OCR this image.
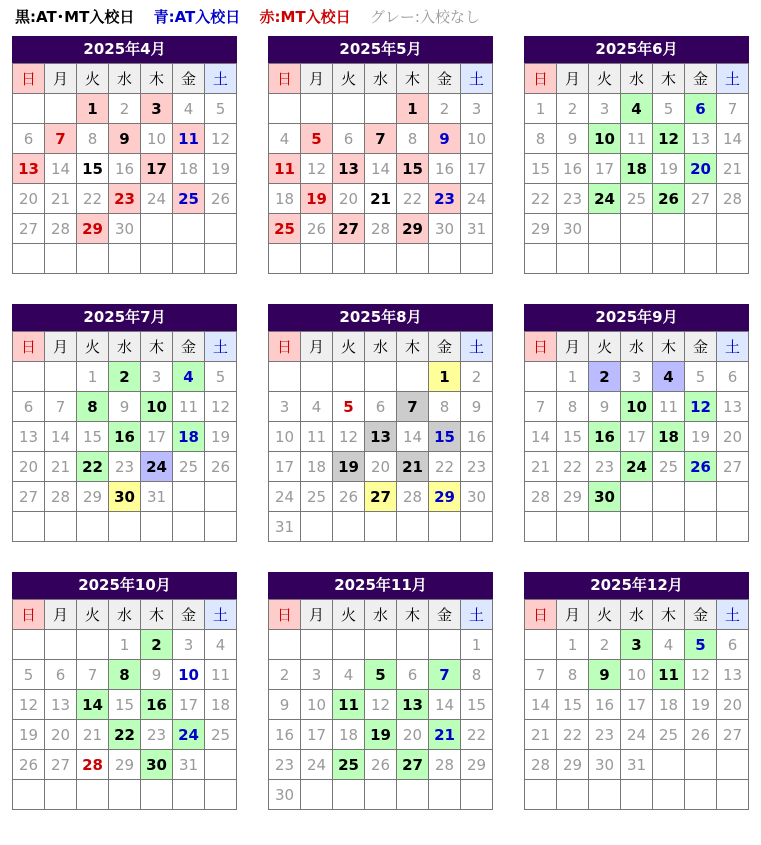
黒:AT･MT入校日 青:AT入校日 赤:MT入校日 グレー:入校なし
2025年4月
日	月	火	水	木	金	土
		1	2	3	4	5
6	7	8	9	10	11	12
13	14	15	16	17	18	19
20	21	22	23	24	25	26
27	28	29	30			

2025年5月
日	月	火	水	木	金	土
				1	2	3
4	5	6	7	8	9	10
11	12	13	14	15	16	17
18	19	20	21	22	23	24
25	26	27	28	29	30	31

2025年6月
日	月	火	水	木	金	土
1	2	3	4	5	6	7
8	9	10	11	12	13	14
15	16	17	18	19	20	21
22	23	24	25	26	27	28
29	30					

2025年7月
日	月	火	水	木	金	土
		1	2	3	4	5
6	7	8	9	10	11	12
13	14	15	16	17	18	19
20	21	22	23	24	25	26
27	28	29	30	31		

2025年8月
日	月	火	水	木	金	土
					1	2
3	4	5	6	7	8	9
10	11	12	13	14	15	16
17	18	19	20	21	22	23
24	25	26	27	28	29	30
31						
2025年9月
日	月	火	水	木	金	土
	1	2	3	4	5	6
7	8	9	10	11	12	13
14	15	16	17	18	19	20
21	22	23	24	25	26	27
28	29	30				

2025年10月
日	月	火	水	木	金	土
			1	2	3	4
5	6	7	8	9	10	11
12	13	14	15	16	17	18
19	20	21	22	23	24	25
26	27	28	29	30	31	

2025年11月
日	月	火	水	木	金	土
						1
2	3	4	5	6	7	8
9	10	11	12	13	14	15
16	17	18	19	20	21	22
23	24	25	26	27	28	29
30						
2025年12月
日	月	火	水	木	金	土
	1	2	3	4	5	6
7	8	9	10	11	12	13
14	15	16	17	18	19	20
21	22	23	24	25	26	27
28	29	30	31			
